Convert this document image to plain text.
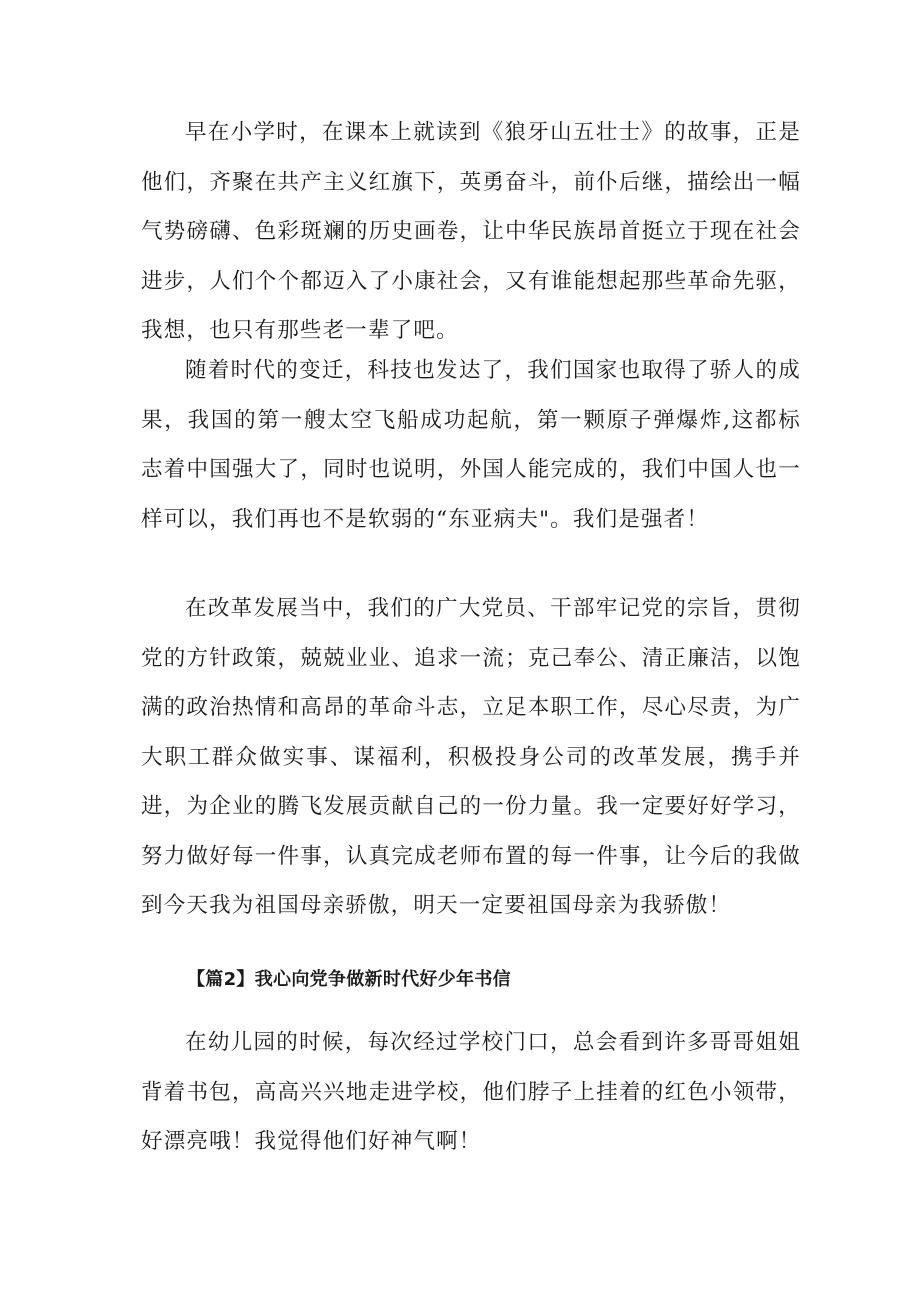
早在小学时，在课本上就读到《狼牙山五壮士》的故事，正是他们，齐聚在共产主义红旗下，英勇奋斗，前仆后继，描绘出一幅气势磅礴、色彩斑斓的历史画卷，让中华民族昂首挺立于现在社会进步，人们个个都迈入了小康社会，又有谁能想起那些革命先驱，我想，也只有那些老一辈了吧。

随着时代的变迁，科技也发达了，我们国家也取得了骄人的成果，我国的第一艘太空飞船成功起航，第一颗原子弹爆炸,这都标志着中国强大了，同时也说明，外国人能完成的，我们中国人也一样可以，我们再也不是软弱的“东亚病夫"。我们是强者！

在改革发展当中，我们的广大党员、干部牢记党的宗旨，贯彻党的方针政策，兢兢业业、追求一流；克己奉公、清正廉洁，以饱满的政治热情和高昂的革命斗志，立足本职工作，尽心尽责，为广大职工群众做实事、谋福利，积极投身公司的改革发展，携手并进，为企业的腾飞发展贡献自己的一份力量。我一定要好好学习，努力做好每一件事，认真完成老师布置的每一件事，让今后的我做到今天我为祖国母亲骄傲，明天一定要祖国母亲为我骄傲！

【篇2】我心向党争做新时代好少年书信

在幼儿园的时候，每次经过学校门口，总会看到许多哥哥姐姐背着书包，高高兴兴地走进学校，他们脖子上挂着的红色小领带，好漂亮哦！我觉得他们好神气啊！
